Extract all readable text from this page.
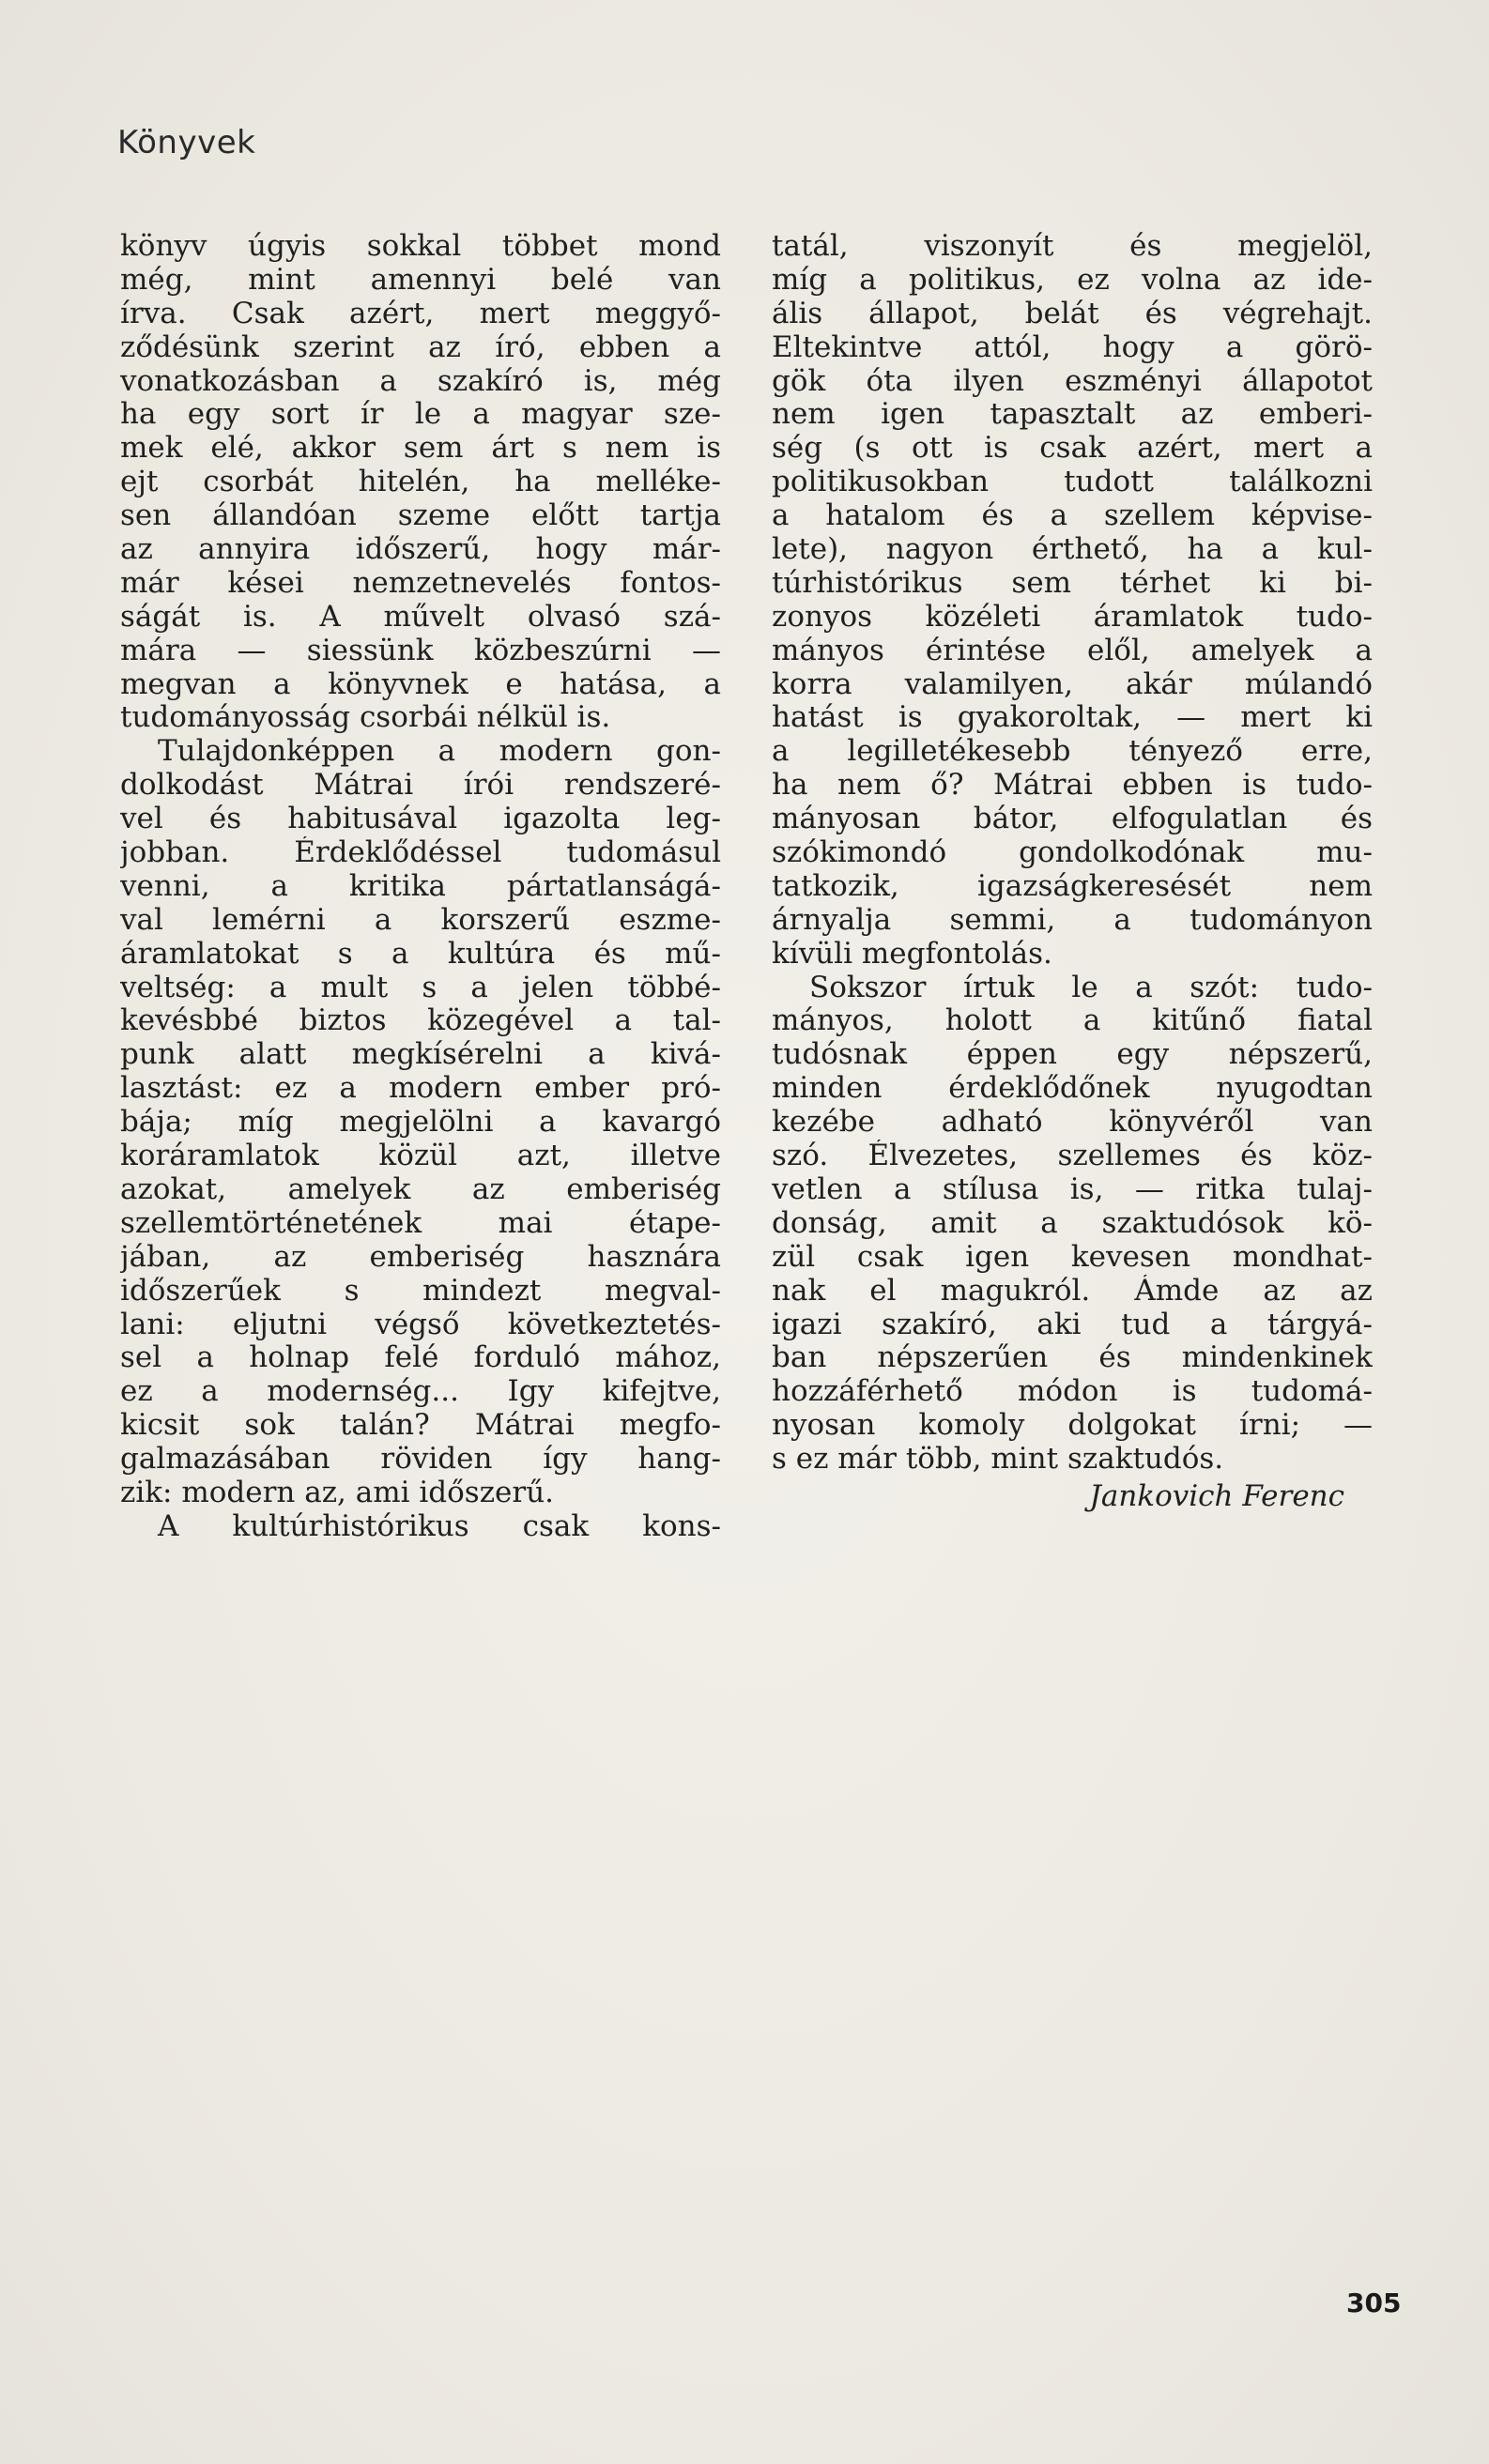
Könyvek
könyv úgyis sokkal többet mond
még, mint amennyi belé van
írva. Csak azért, mert meggyő-
ződésünk szerint az író, ebben a
vonatkozásban a szakíró is, még
ha egy sort ír le a magyar sze-
mek elé, akkor sem árt s nem is
ejt csorbát hitelén, ha melléke-
sen állandóan szeme előtt tartja
az annyira időszerű, hogy már-
már kései nemzetnevelés fontos-
ságát is. A művelt olvasó szá-
mára — siessünk közbeszúrni —
megvan a könyvnek e hatása, a
tudományosság csorbái nélkül is.
Tulajdonképpen a modern gon-
dolkodást Mátrai írói rendszeré-
vel és habitusával igazolta leg-
jobban. Érdeklődéssel tudomásul
venni, a kritika pártatlanságá-
val lemérni a korszerű eszme-
áramlatokat s a kultúra és mű-
veltség: a mult s a jelen többé-
kevésbbé biztos közegével a tal-
punk alatt megkísérelni a kivá-
lasztást: ez a modern ember pró-
bája; míg megjelölni a kavargó
koráramlatok közül azt, illetve
azokat, amelyek az emberiség
szellemtörténetének mai étape-
jában, az emberiség hasznára
időszerűek s mindezt megval-
lani: eljutni végső következtetés-
sel a holnap felé forduló mához,
ez a modernség... Igy kifejtve,
kicsit sok talán? Mátrai megfo-
galmazásában röviden így hang-
zik: modern az, ami időszerű.
A kultúrhistórikus csak kons-
tatál, viszonyít és megjelöl,
míg a politikus, ez volna az ide-
ális állapot, belát és végrehajt.
Eltekintve attól, hogy a görö-
gök óta ilyen eszményi állapotot
nem igen tapasztalt az emberi-
ség (s ott is csak azért, mert a
politikusokban tudott találkozni
a hatalom és a szellem képvise-
lete), nagyon érthető, ha a kul-
túrhistórikus sem térhet ki bi-
zonyos közéleti áramlatok tudo-
mányos érintése elől, amelyek a
korra valamilyen, akár múlandó
hatást is gyakoroltak, — mert ki
a legilletékesebb tényező erre,
ha nem ő? Mátrai ebben is tudo-
mányosan bátor, elfogulatlan és
szókimondó gondolkodónak mu-
tatkozik, igazságkeresését nem
árnyalja semmi, a tudományon
kívüli megfontolás.
Sokszor írtuk le a szót: tudo-
mányos, holott a kitűnő fiatal
tudósnak éppen egy népszerű,
minden érdeklődőnek nyugodtan
kezébe adható könyvéről van
szó. Élvezetes, szellemes és köz-
vetlen a stílusa is, — ritka tulaj-
donság, amit a szaktudósok kö-
zül csak igen kevesen mondhat-
nak el magukról. Ámde az az
igazi szakíró, aki tud a tárgyá-
ban népszerűen és mindenkinek
hozzáférhető módon is tudomá-
nyosan komoly dolgokat írni; —
s ez már több, mint szaktudós.
Jankovich Ferenc
305
